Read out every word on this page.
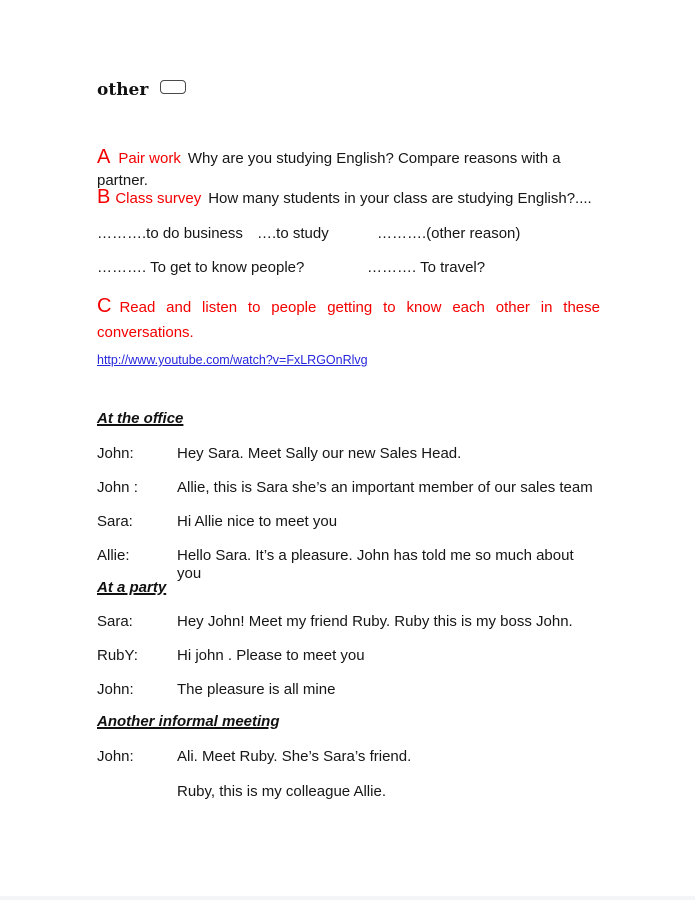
other
A Pair work Why are you studying English? Compare reasons with a partner.
B Class survey How many students in your class are studying English?....
……….to do business ….to study	……….(other reason)
………. To get to know people?	………. To travel?
C Read and listen to people getting to know each other in these conversations.
http://www.youtube.com/watch?v=FxLRGOnRlvg
At the office
John:	Hey Sara. Meet Sally our new Sales Head.
John :	Allie, this is Sara she’s an important member of our sales team
Sara:	Hi Allie nice to meet you
Allie:	Hello Sara. It’s a pleasure. John has told me so much about you
At a party
Sara:	Hey John! Meet my friend Ruby. Ruby this is my boss John.
RubY:	Hi john . Please to meet you
John:	The pleasure is all mine
Another informal meeting
John:	Ali. Meet Ruby. She’s Sara’s friend.
Ruby, this is my colleague Allie.
